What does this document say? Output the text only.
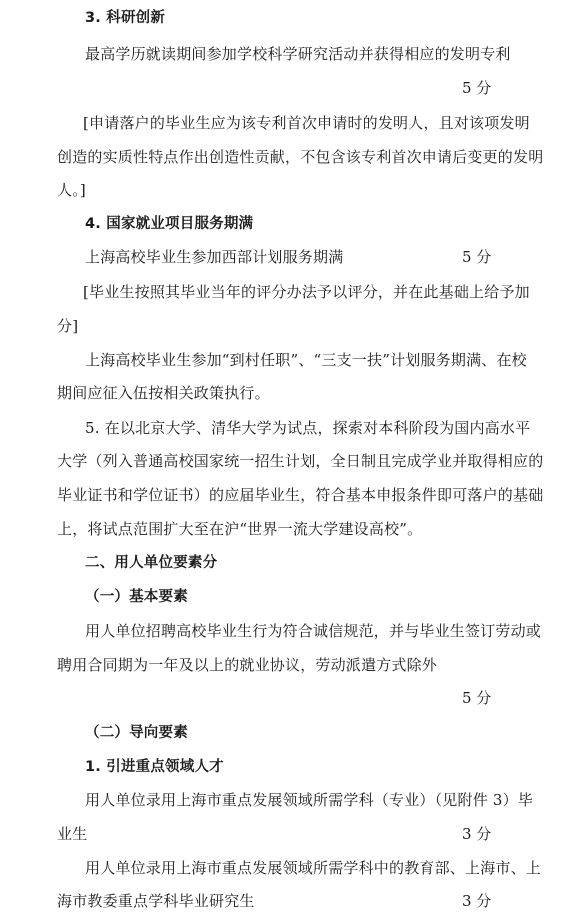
3. 科研创新
最高学历就读期间参加学校科学研究活动并获得相应的发明专利
5 分
[申请落户的毕业生应为该专利首次申请时的发明人，且对该项发明
创造的实质性特点作出创造性贡献，不包含该专利首次申请后变更的发明
人。]
4. 国家就业项目服务期满
上海高校毕业生参加西部计划服务期满	5 分
[毕业生按照其毕业当年的评分办法予以评分，并在此基础上给予加
分]
上海高校毕业生参加“到村任职”、“三支一扶”计划服务期满、在校
期间应征入伍按相关政策执行。
5. 在以北京大学、清华大学为试点，探索对本科阶段为国内高水平
大学（列入普通高校国家统一招生计划，全日制且完成学业并取得相应的
毕业证书和学位证书）的应届毕业生，符合基本申报条件即可落户的基础
上，将试点范围扩大至在沪“世界一流大学建设高校”。
二、用人单位要素分
（一）基本要素
用人单位招聘高校毕业生行为符合诚信规范，并与毕业生签订劳动或
聘用合同期为一年及以上的就业协议，劳动派遣方式除外
5 分
（二）导向要素
1. 引进重点领域人才
用人单位录用上海市重点发展领域所需学科（专业）（见附件 3）毕
业生	3 分
用人单位录用上海市重点发展领域所需学科中的教育部、上海市、上
海市教委重点学科毕业研究生	3 分
